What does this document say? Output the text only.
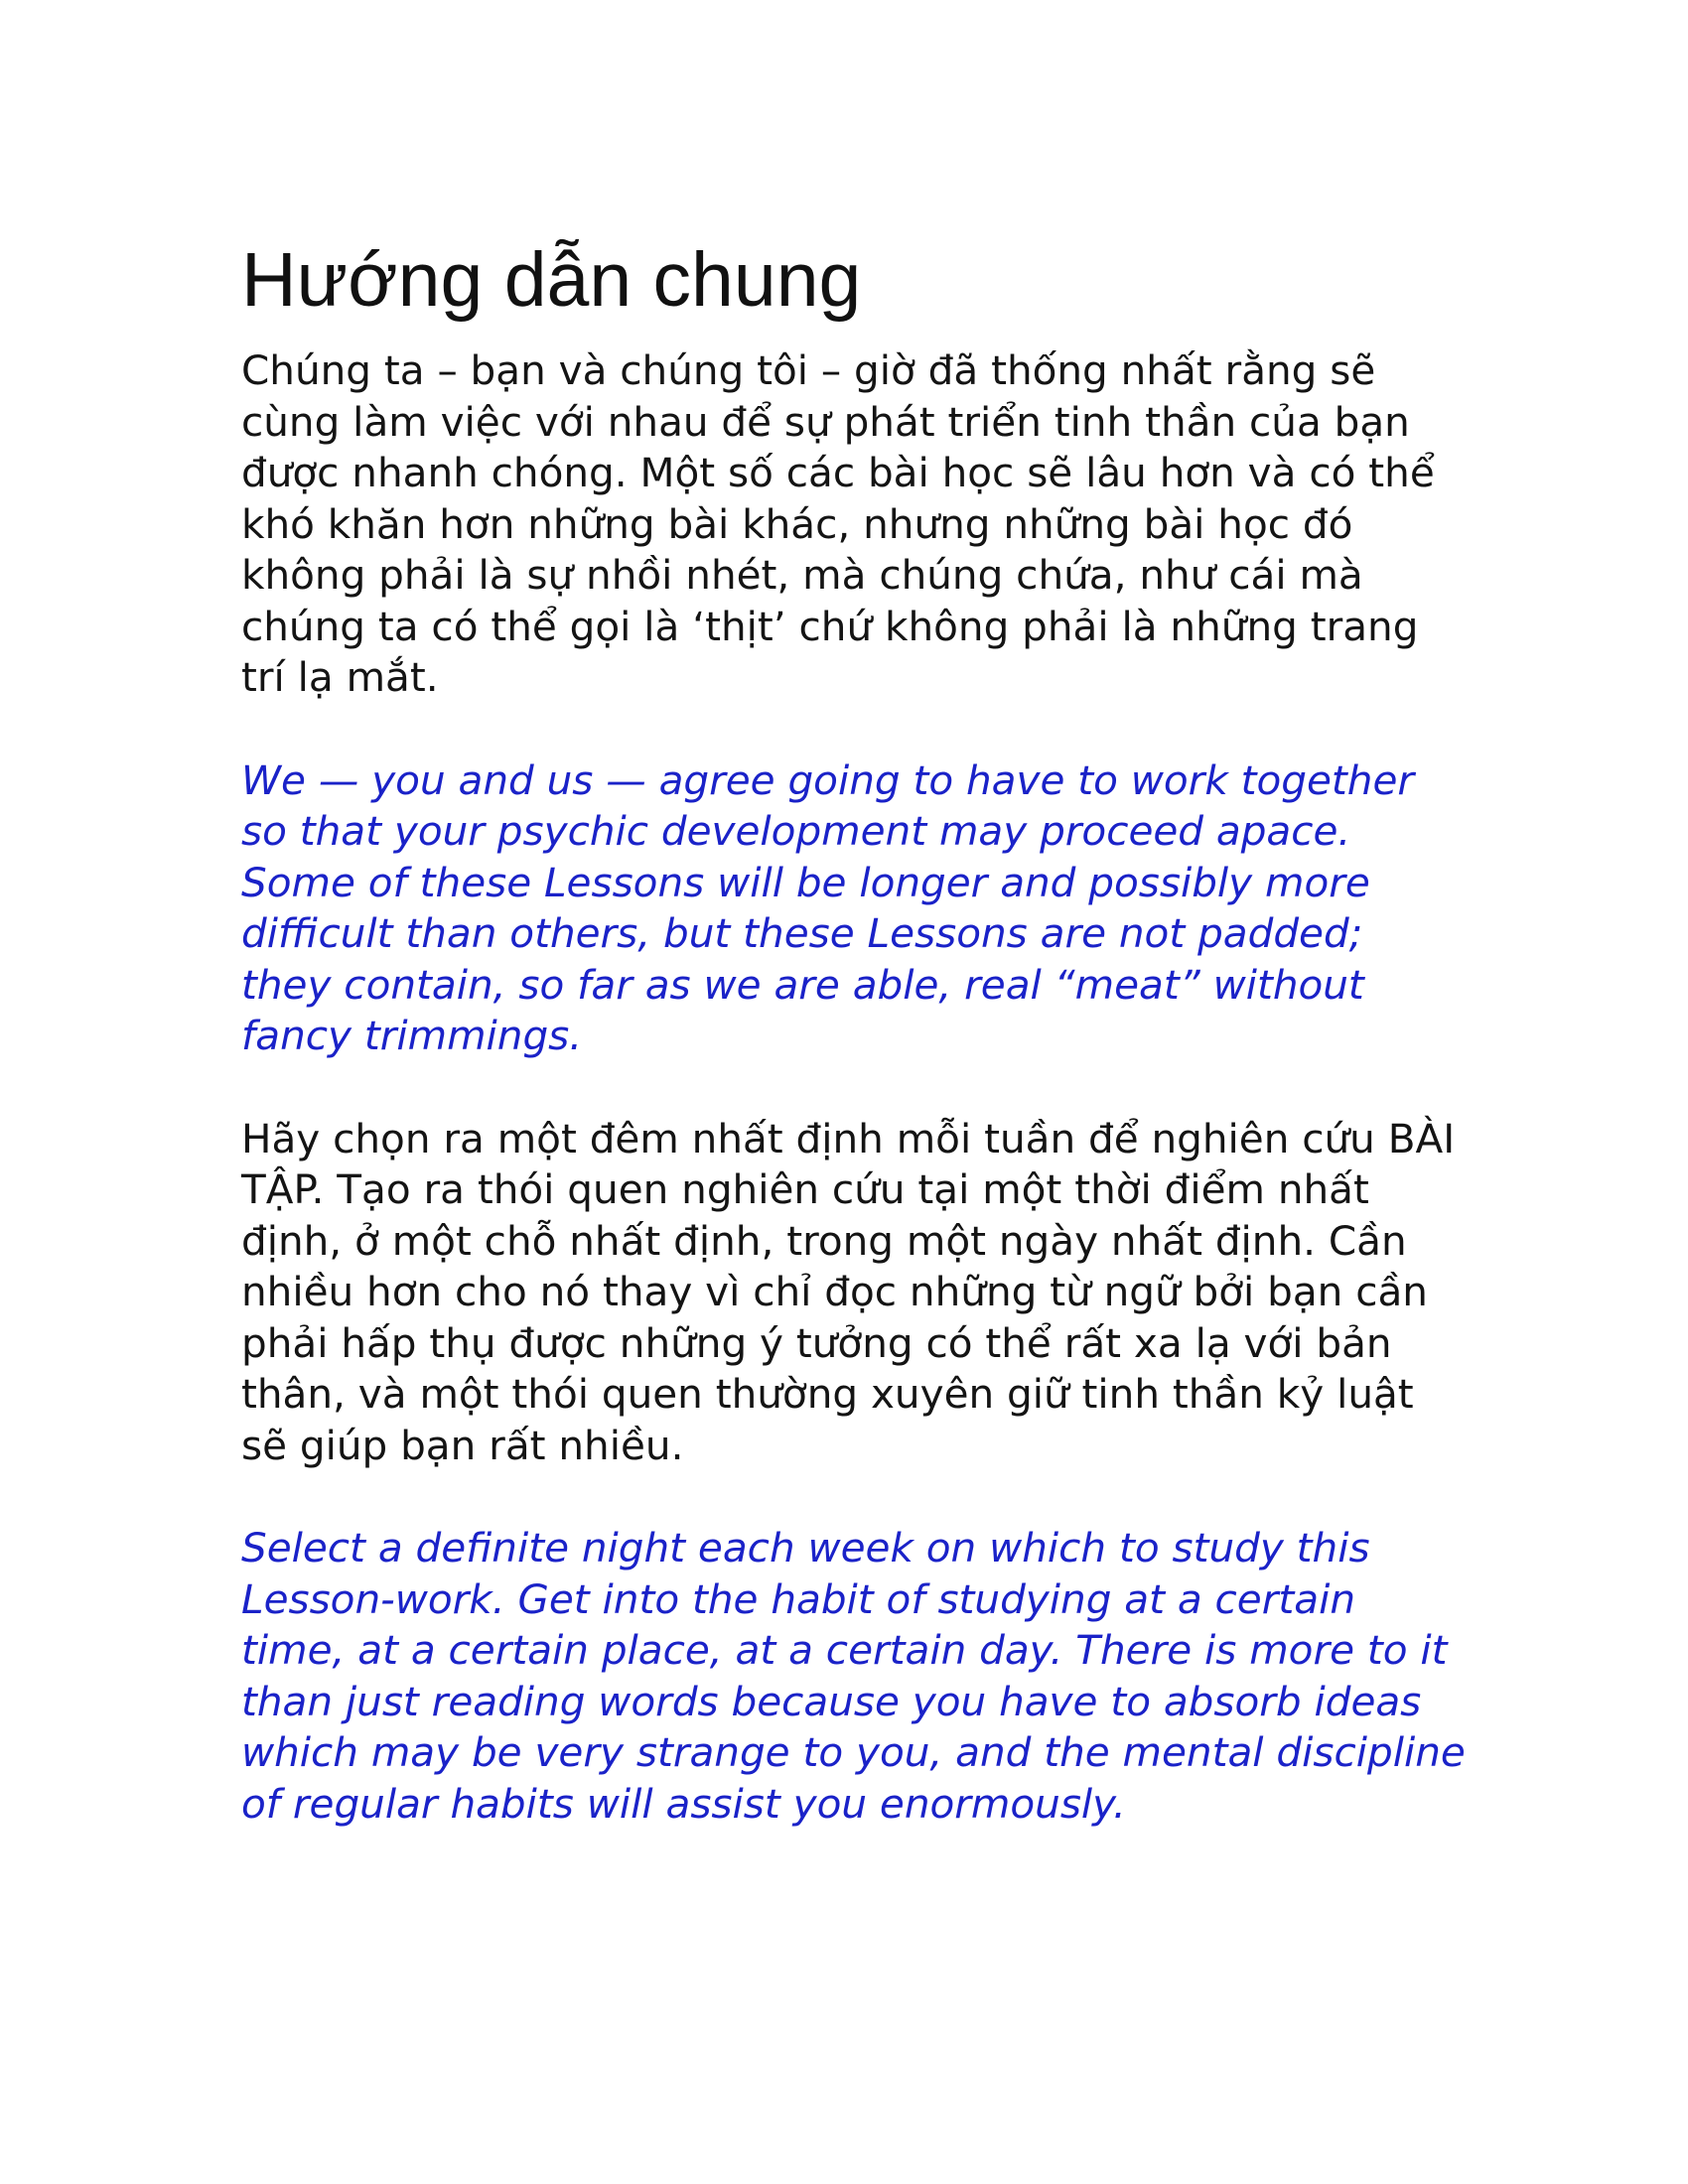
Hướng dẫn chung
Chúng ta – bạn và chúng tôi – giờ đã thống nhất rằng sẽ
cùng làm việc với nhau để sự phát triển tinh thần của bạn
được nhanh chóng. Một số các bài học sẽ lâu hơn và có thể
khó khăn hơn những bài khác, nhưng những bài học đó
không phải là sự nhồi nhét, mà chúng chứa, như cái mà
chúng ta có thể gọi là ‘thịt’ chứ không phải là những trang
trí lạ mắt.
We — you and us — agree going to have to work together
so that your psychic development may proceed apace.
Some of these Lessons will be longer and possibly more
difficult than others, but these Lessons are not padded;
they contain, so far as we are able, real “meat” without
fancy trimmings.
Hãy chọn ra một đêm nhất định mỗi tuần để nghiên cứu BÀI
TẬP. Tạo ra thói quen nghiên cứu tại một thời điểm nhất
định, ở một chỗ nhất định, trong một ngày nhất định. Cần
nhiều hơn cho nó thay vì chỉ đọc những từ ngữ bởi bạn cần
phải hấp thụ được những ý tưởng có thể rất xa lạ với bản
thân, và một thói quen thường xuyên giữ tinh thần kỷ luật
sẽ giúp bạn rất nhiều.
Select a definite night each week on which to study this
Lesson-work. Get into the habit of studying at a certain
time, at a certain place, at a certain day. There is more to it
than just reading words because you have to absorb ideas
which may be very strange to you, and the mental discipline
of regular habits will assist you enormously.
